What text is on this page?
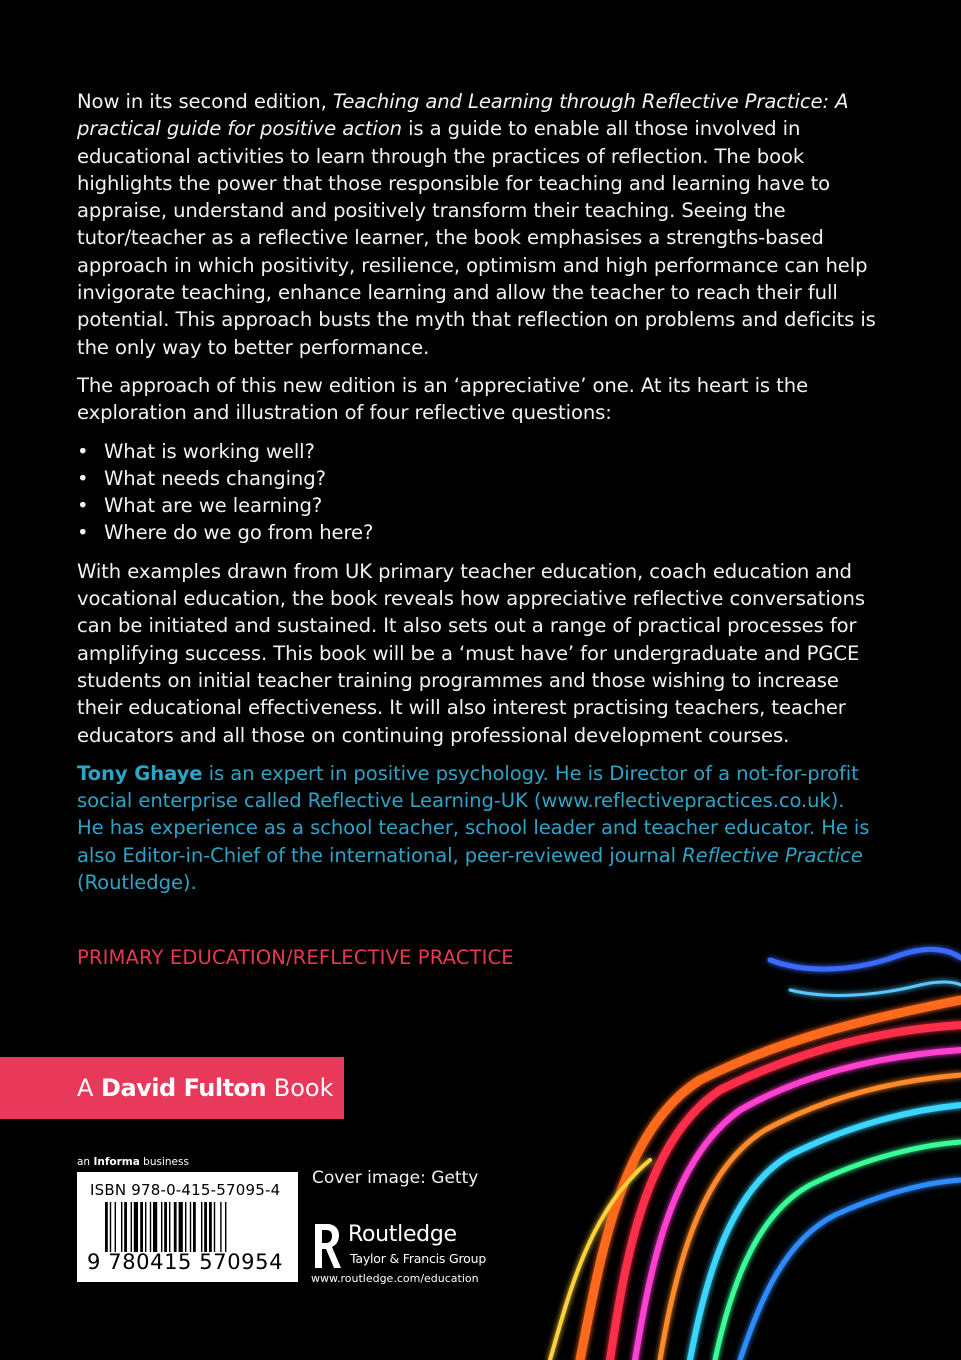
Now in its second edition, Teaching and Learning through Reflective Practice: A practical guide for positive action is a guide to enable all those involved in educational activities to learn through the practices of reflection. The book highlights the power that those responsible for teaching and learning have to appraise, understand and positively transform their teaching. Seeing the tutor/teacher as a reflective learner, the book emphasises a strengths-based approach in which positivity, resilience, optimism and high performance can help invigorate teaching, enhance learning and allow the teacher to reach their full potential. This approach busts the myth that reflection on problems and deficits is the only way to better performance.

The approach of this new edition is an ‘appreciative’ one. At its heart is the exploration and illustration of four reflective questions:

• What is working well?
• What needs changing?
• What are we learning?
• Where do we go from here?

With examples drawn from UK primary teacher education, coach education and vocational education, the book reveals how appreciative reflective conversations can be initiated and sustained. It also sets out a range of practical processes for amplifying success. This book will be a ‘must have’ for undergraduate and PGCE students on initial teacher training programmes and those wishing to increase their educational effectiveness. It will also interest practising teachers, teacher educators and all those on continuing professional development courses.

Tony Ghaye is an expert in positive psychology. He is Director of a not-for-profit social enterprise called Reflective Learning-UK (www.reflectivepractices.co.uk). He has experience as a school teacher, school leader and teacher educator. He is also Editor-in-Chief of the international, peer-reviewed journal Reflective Practice (Routledge).

PRIMARY EDUCATION/REFLECTIVE PRACTICE
A David Fulton Book
an Informa business
ISBN 978-0-415-57095-4
9 780415 570954
Cover image: Getty
Routledge
Taylor & Francis Group
www.routledge.com/education
